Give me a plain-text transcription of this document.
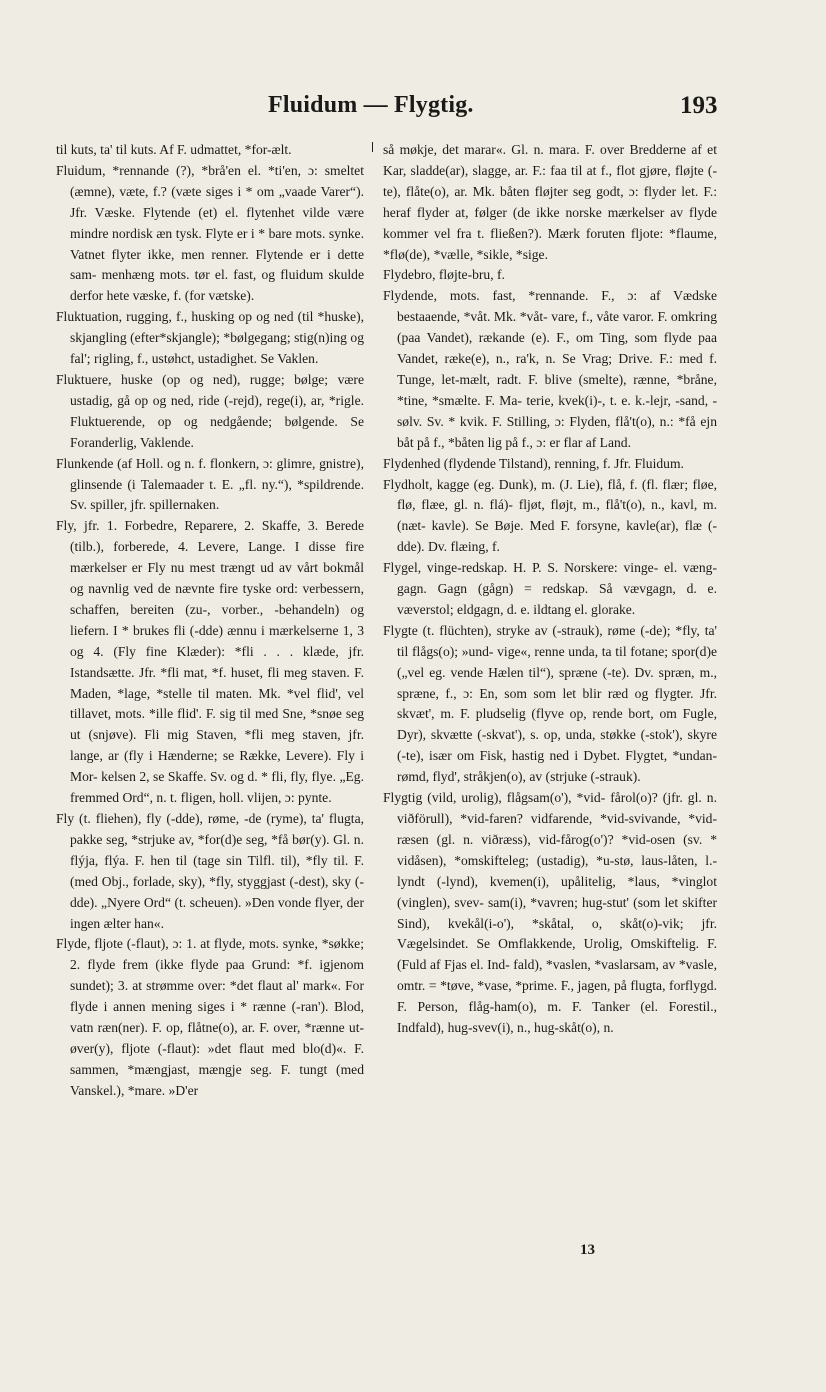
Fluidum — Flygtig.	193

til kuts, ta' til kuts. Af F. udmattet, *for-ælt.

Fluidum, *rennande (?), *brå'en el. *ti'en, ɔ: smeltet (æmne), væte, f.? (væte siges i * om „vaade Varer“). Jfr. Væske. Flytende (et) el. flytenhet vilde være mindre nordisk æn tysk. Flyte er i * bare mots. synke. Vatnet flyter ikke, men renner. Flytende er i dette sam- menhæng mots. tør el. fast, og fluidum skulde derfor hete væske, f. (for vætske).

Fluktuation, rugging, f., husking op og ned (til *huske), skjangling (efter*skjangle); *bølgegang; stig(n)ing og fal'; rigling, f., ustøhct, ustadighet. Se Vaklen.

Fluktuere, huske (op og ned), rugge; bølge; være ustadig, gå op og ned, ride (-rejd), rege(i), ar, *rigle. Fluktuerende, op og nedgående; bølgende. Se Foranderlig, Vaklende.

Flunkende (af Holl. og n. f. flonkern, ɔ: glimre, gnistre), glinsende (i Talemaader t. E. „fl. ny.“), *spildrende. Sv. spiller, jfr. spillernaken.

Fly, jfr. 1. Forbedre, Reparere, 2. Skaffe, 3. Berede (tilb.), forberede, 4. Levere, Lange. I disse fire mærkelser er Fly nu mest trængt ud av vårt bokmål og navnlig ved de nævnte fire tyske ord: verbessern, schaffen, bereiten (zu-, vorber., -behandeln) og liefern. I * brukes fli (-dde) ænnu i mærkelserne 1, 3 og 4. (Fly fine Klæder): *fli . . . klæde, jfr. Istandsætte. Jfr. *fli mat, *f. huset, fli meg staven. F. Maden, *lage, *stelle til maten. Mk. *vel flid', vel tillavet, mots. *ille flid'. F. sig til med Sne, *snøe seg ut (snjøve). Fli mig Staven, *fli meg staven, jfr. lange, ar (fly i Hænderne; se Række, Levere). Fly i Mor- kelsen 2, se Skaffe. Sv. og d. * fli, fly, flye. „Eg. fremmed Ord“, n. t. fligen, holl. vlijen, ɔ: pynte.

Fly (t. fliehen), fly (-dde), røme, -de (ryme), ta' flugta, pakke seg, *strjuke av, *for(d)e seg, *få bør(y). Gl. n. flýja, flýa. F. hen til (tage sin Tilfl. til), *fly til. F. (med Obj., forlade, sky), *fly, styggjast (-dest), sky (-dde). „Nyere Ord“ (t. scheuen). »Den vonde flyer, der ingen ælter han«.

Flyde, fljote (-flaut), ɔ: 1. at flyde, mots. synke, *søkke; 2. flyde frem (ikke flyde paa Grund: *f. igjenom sundet); 3. at strømme over: *det flaut al' mark«. For flyde i annen mening siges i * rænne (-ran'). Blod, vatn ræn(ner). F. op, flåtne(o), ar. F. over, *rænne ut-øver(y), fljote (-flaut): »det flaut med blo(d)«. F. sammen, *mængjast, mængje seg. F. tungt (med Vanskel.), *mare. »D'er

så møkje, det marar«. Gl. n. mara. F. over Bredderne af et Kar, sladde(ar), slagge, ar. F.: faa til at f., flot gjøre, fløjte (-te), flåte(o), ar. Mk. båten fløjter seg godt, ɔ: flyder let. F.: heraf flyder at, følger (de ikke norske mærkelser av flyde kommer vel fra t. fließen?). Mærk foruten fljote: *flaume, *flø(de), *vælle, *sikle, *sige.

Flydebro, fløjte-bru, f.

Flydende, mots. fast, *rennande. F., ɔ: af Vædske bestaaende, *våt. Mk. *våt- vare, f., våte varor. F. omkring (paa Vandet), rækande (e). F., om Ting, som flyde paa Vandet, ræke(e), n., ra'k, n. Se Vrag; Drive. F.: med f. Tunge, let-mælt, radt. F. blive (smelte), rænne, *bråne, *tine, *smælte. F. Ma- terie, kvek(i)-, t. e. k.-lejr, -sand, -sølv. Sv. * kvik. F. Stilling, ɔ: Flyden, flå't(o), n.: *få ejn båt på f., *båten lig på f., ɔ: er flar af Land.

Flydenhed (flydende Tilstand), renning, f. Jfr. Fluidum.

Flydholt, kagge (eg. Dunk), m. (J. Lie), flå, f. (fl. flær; fløe, flø, flæe, gl. n. flá)- fljøt, fløjt, m., flå't(o), n., kavl, m. (næt- kavle). Se Bøje. Med F. forsyne, kavle(ar), flæ (-dde). Dv. flæing, f.

Flygel, vinge-redskap. H. P. S. Norskere: vinge- el. væng-gagn. Gagn (gågn) = redskap. Så vævgagn, d. e. væverstol; eldgagn, d. e. ildtang el. glorake.

Flygte (t. flüchten), stryke av (-strauk), røme (-de); *fly, ta' til flågs(o); »und- vige«, renne unda, ta til fotane; spor(d)e („vel eg. vende Hælen til“), spræne (-te). Dv. spræn, m., spræne, f., ɔ: En, som som let blir ræd og flygter. Jfr. skvæt', m. F. pludselig (flyve op, rende bort, om Fugle, Dyr), skvætte (-skvat'), s. op, unda, støkke (-stok'), skyre (-te), især om Fisk, hastig ned i Dybet. Flygtet, *undan-rømd, flyd', stråkjen(o), av (strjuke (-strauk).

Flygtig (vild, urolig), flågsam(o'), *vid- fårol(o)? (jfr. gl. n. viðförull), *vid-faren? vidfarende, *vid-svivande, *vid-ræsen (gl. n. viðræss), vid-fårog(o')? *vid-osen (sv. * vidåsen), *omskifteleg; (ustadig), *u-stø, laus-låten, l.-lyndt (-lynd), kvemen(i), upålitelig, *laus, *vinglot (vinglen), svev- sam(i), *vavren; hug-stut' (som let skifter Sind), kvekål(i-o'), *skåtal, o, skåt(o)-vik; jfr. Vægelsindet. Se Omflakkende, Urolig, Omskiftelig. F. (Fuld af Fjas el. Ind- fald), *vaslen, *vaslarsam, av *vasle, omtr. = *tøve, *vase, *prime. F., jagen, på flugta, forflygd. F. Person, flåg-ham(o), m. F. Tanker (el. Forestil., Indfald), hug-svev(i), n., hug-skåt(o), n.

13
